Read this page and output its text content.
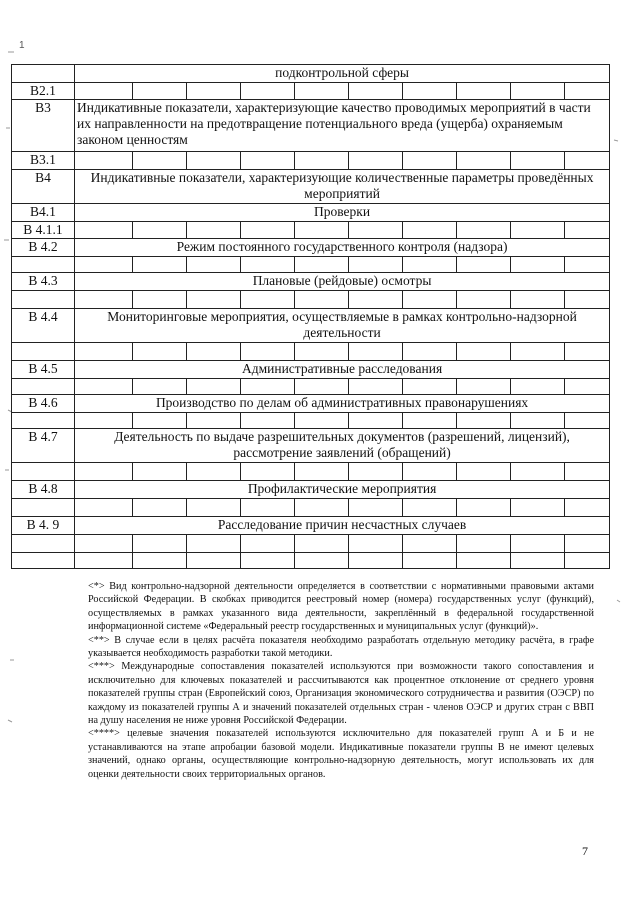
1
	подконтрольной сферы									
B2.1										
B3	Индикативные показатели, характеризующие качество проводимых мероприятий в части их направленности на предотвращение потенциального вреда (ущерба) охраняемым законом ценностям									
B3.1										
B4	Индикативные показатели, характеризующие количественные параметры проведённых мероприятий									
B4.1	Проверки									
B 4.1.1										
B 4.2	Режим постоянного государственного контроля (надзора)									

B 4.3	Плановые (рейдовые) осмотры									

B 4.4	Мониторинговые мероприятия, осуществляемые в рамках контрольно-надзорной деятельности									

B 4.5	Административные расследования									

B 4.6	Производство по делам об административных правонарушениях									

B 4.7	Деятельность по выдаче разрешительных документов (разрешений, лицензий), рассмотрение заявлений (обращений)									

B 4.8	Профилактические мероприятия									

B 4. 9	Расследование причин несчастных случаев									

<*> Вид контрольно-надзорной деятельности определяется в соответствии с нормативными правовыми актами Российской Федерации. В скобках приводится реестровый номер (номера) государственных услуг (функций), осуществляемых в рамках указанного вида деятельности, закреплённый в федеральной государственной информационной системе «Федеральный реестр государственных и муниципальных услуг (функций)».

<**> В случае если в целях расчёта показателя необходимо разработать отдельную методику расчёта, в графе указывается необходимость разработки такой методики.

<***> Международные сопоставления показателей используются при возможности такого сопоставления и исключительно для ключевых показателей и рассчитываются как процентное отклонение от среднего уровня показателей группы стран (Европейский союз, Организация экономического сотрудничества и развития (ОЭСР) по каждому из показателей группы А и значений показателей отдельных стран - членов ОЭСР и других стран с ВВП на душу населения не ниже уровня Российской Федерации.

<****> целевые значения показателей используются исключительно для показателей групп А и Б и не устанавливаются на этапе апробации базовой модели. Индикативные показатели группы В не имеют целевых значений, однако органы, осуществляющие контрольно-надзорную деятельность, могут использовать их для оценки деятельности своих территориальных органов.

7
